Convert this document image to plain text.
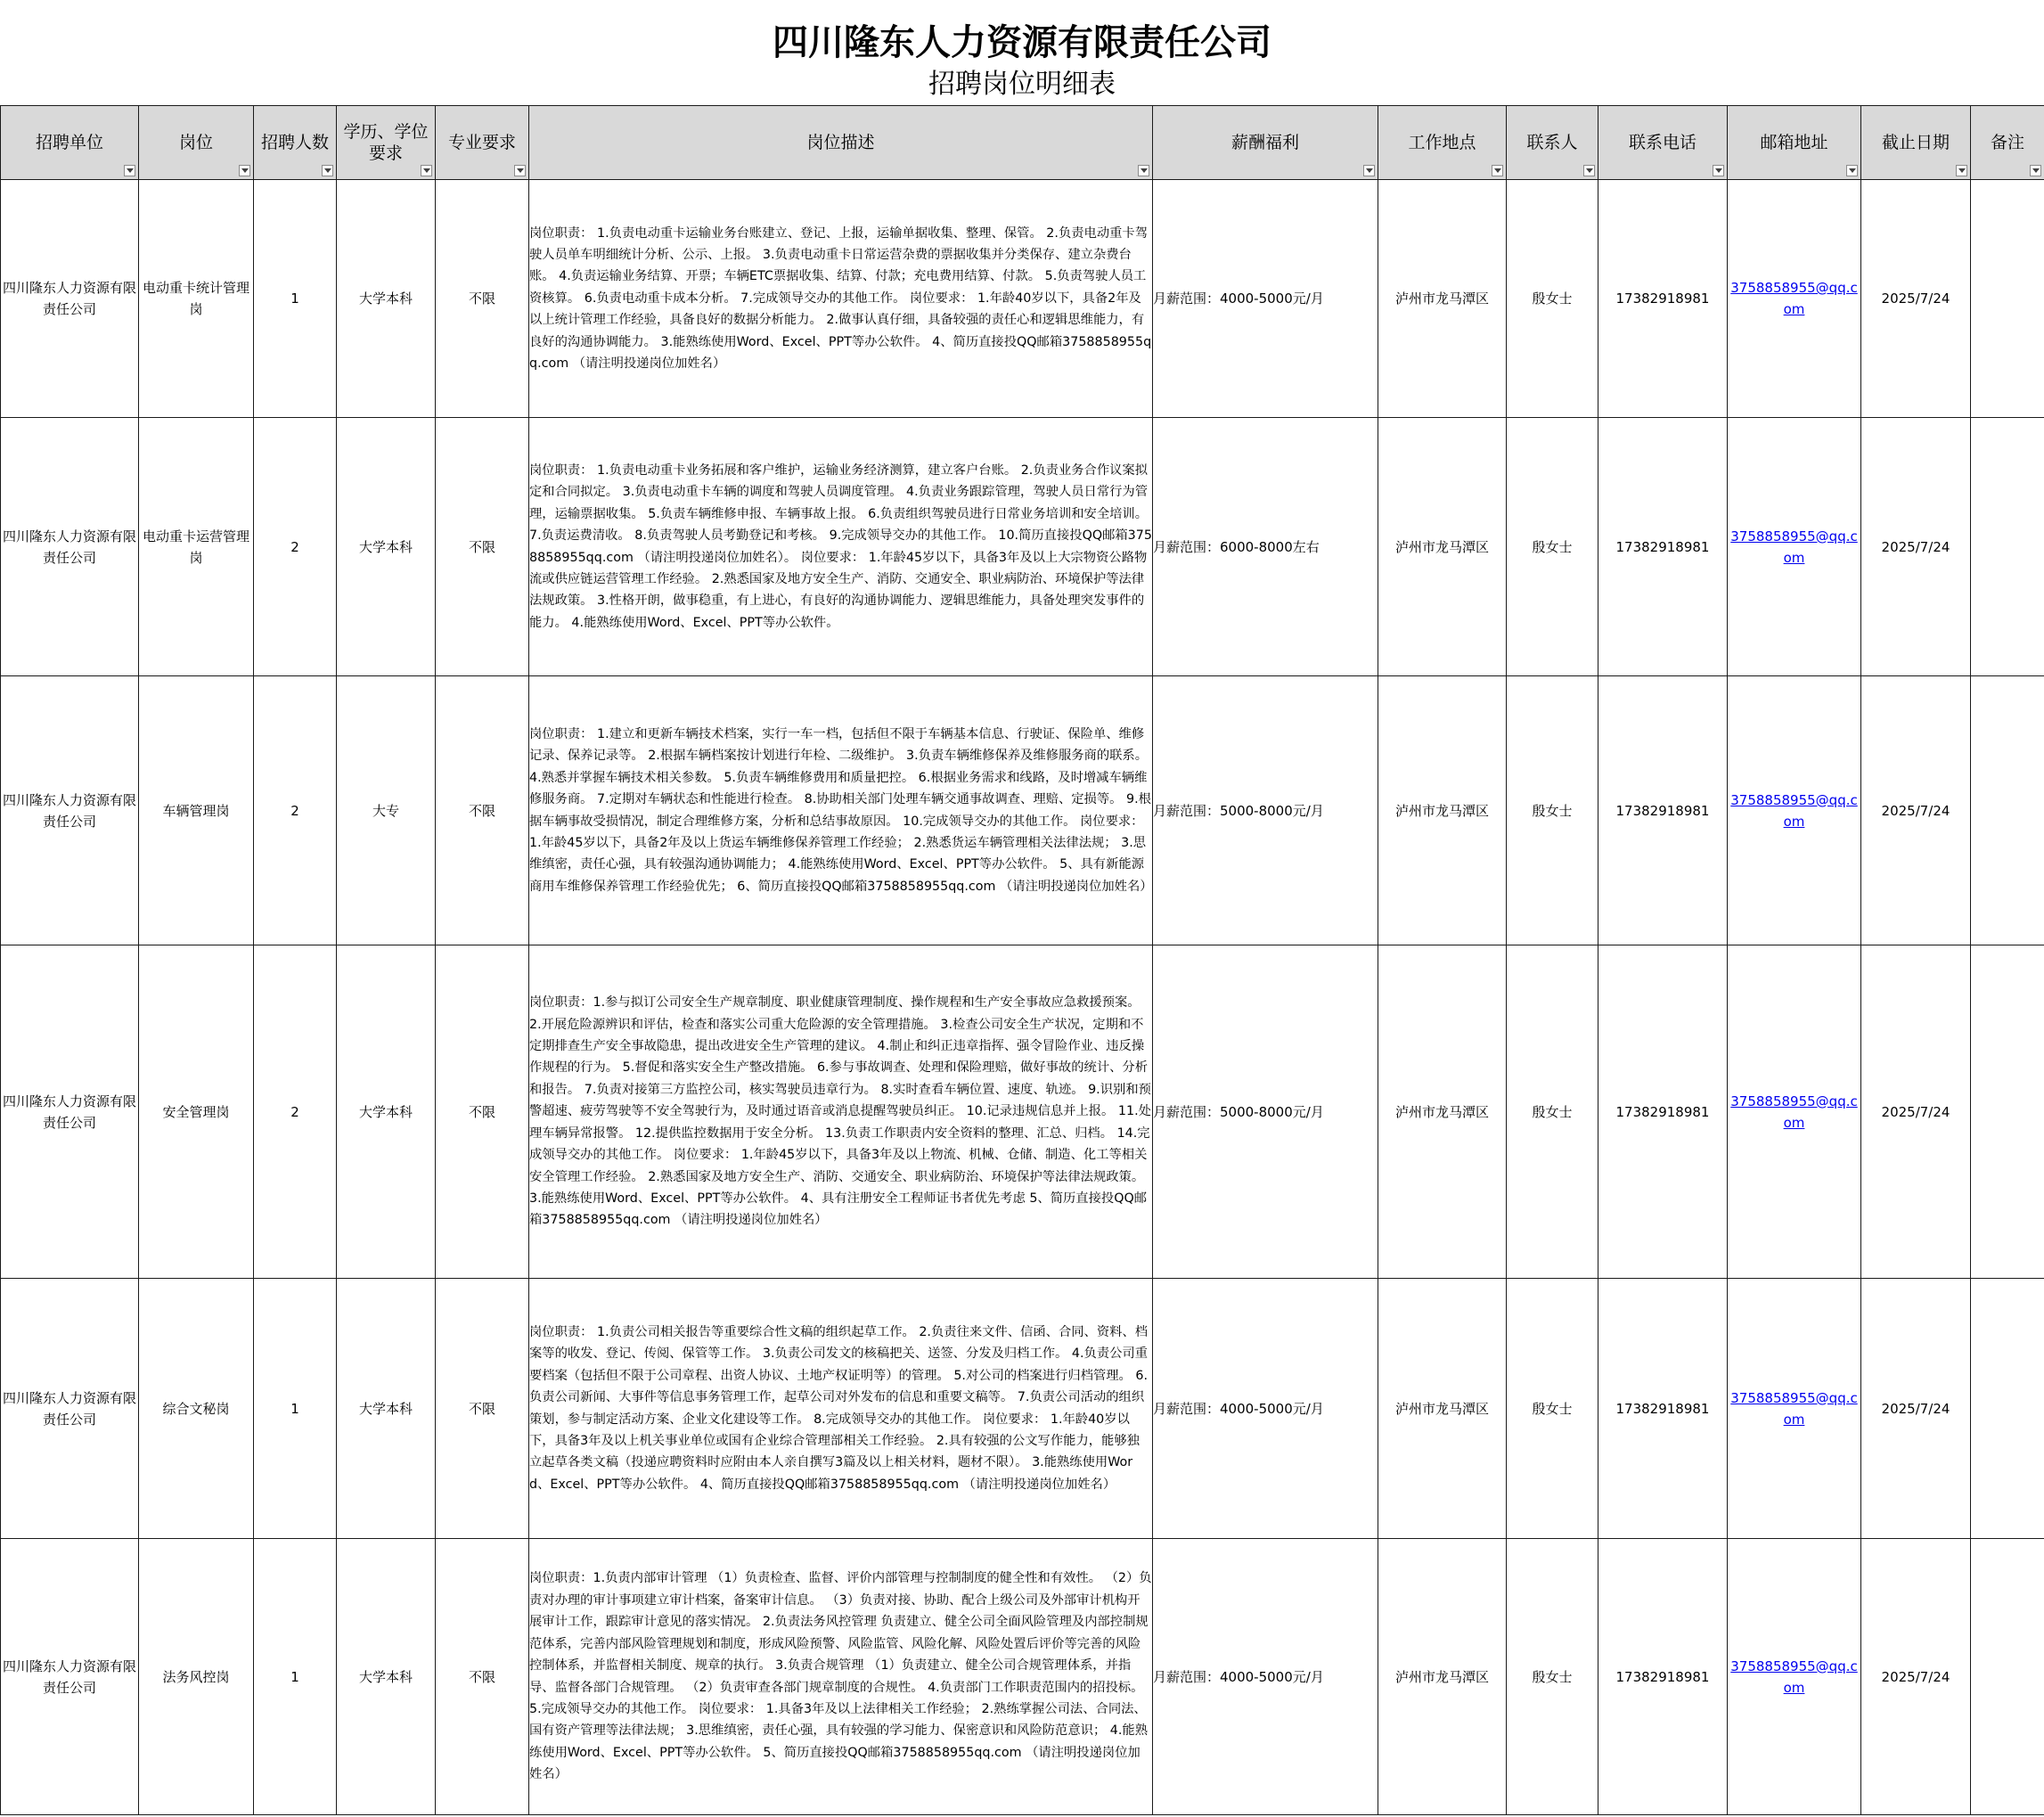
四川隆东人力资源有限责任公司
招聘岗位明细表
招聘单位	岗位	招聘人数	学历、学位要求	专业要求	岗位描述	薪酬福利	工作地点	联系人	联系电话	邮箱地址	截止日期	备注

四川隆东人力资源有限责任公司	电动重卡统计管理岗	1	大学本科	不限	岗位职责： 1.负责电动重卡运输业务台账建立、登记、上报，运输单据收集、整理、保管。 2.负责电动重卡驾驶人员单车明细统计分析、公示、上报。 3.负责电动重卡日常运营杂费的票据收集并分类保存、建立杂费台账。 4.负责运输业务结算、开票；车辆ETC票据收集、结算、付款；充电费用结算、付款。 5.负责驾驶人员工资核算。 6.负责电动重卡成本分析。 7.完成领导交办的其他工作。 岗位要求： 1.年龄40岁以下，具备2年及以上统计管理工作经验，具备良好的数据分析能力。 2.做事认真仔细，具备较强的责任心和逻辑思维能力，有良好的沟通协调能力。 3.能熟练使用Word、Excel、PPT等办公软件。 4、简历直接投QQ邮箱3758858955qq.com （请注明投递岗位加姓名）	月薪范围：4000-5000元/月	泸州市龙马潭区	殷女士	17382918981	3758858955@qq.com	2025/7/24	
四川隆东人力资源有限责任公司	电动重卡运营管理岗	2	大学本科	不限	岗位职责： 1.负责电动重卡业务拓展和客户维护，运输业务经济测算，建立客户台账。 2.负责业务合作议案拟定和合同拟定。 3.负责电动重卡车辆的调度和驾驶人员调度管理。 4.负责业务跟踪管理，驾驶人员日常行为管理，运输票据收集。 5.负责车辆维修申报、车辆事故上报。 6.负责组织驾驶员进行日常业务培训和安全培训。 7.负责运费清收。 8.负责驾驶人员考勤登记和考核。 9.完成领导交办的其他工作。 10.简历直接投QQ邮箱3758858955qq.com （请注明投递岗位加姓名）。 岗位要求： 1.年龄45岁以下，具备3年及以上大宗物资公路物流或供应链运营管理工作经验。 2.熟悉国家及地方安全生产、消防、交通安全、职业病防治、环境保护等法律法规政策。 3.性格开朗，做事稳重，有上进心，有良好的沟通协调能力、逻辑思维能力，具备处理突发事件的能力。 4.能熟练使用Word、Excel、PPT等办公软件。	月薪范围：6000-8000左右	泸州市龙马潭区	殷女士	17382918981	3758858955@qq.com	2025/7/24	
四川隆东人力资源有限责任公司	车辆管理岗	2	大专	不限	岗位职责： 1.建立和更新车辆技术档案，实行一车一档，包括但不限于车辆基本信息、行驶证、保险单、维修记录、保养记录等。 2.根据车辆档案按计划进行年检、二级维护。 3.负责车辆维修保养及维修服务商的联系。 4.熟悉并掌握车辆技术相关参数。 5.负责车辆维修费用和质量把控。 6.根据业务需求和线路，及时增减车辆维修服务商。 7.定期对车辆状态和性能进行检查。 8.协助相关部门处理车辆交通事故调查、理赔、定损等。 9.根据车辆事故受损情况，制定合理维修方案，分析和总结事故原因。 10.完成领导交办的其他工作。 岗位要求： 1.年龄45岁以下，具备2年及以上货运车辆维修保养管理工作经验； 2.熟悉货运车辆管理相关法律法规； 3.思维缜密，责任心强，具有较强沟通协调能力； 4.能熟练使用Word、Excel、PPT等办公软件。 5、具有新能源商用车维修保养管理工作经验优先； 6、简历直接投QQ邮箱3758858955qq.com （请注明投递岗位加姓名）	月薪范围：5000-8000元/月	泸州市龙马潭区	殷女士	17382918981	3758858955@qq.com	2025/7/24	
四川隆东人力资源有限责任公司	安全管理岗	2	大学本科	不限	岗位职责：1.参与拟订公司安全生产规章制度、职业健康管理制度、操作规程和生产安全事故应急救援预案。 2.开展危险源辨识和评估，检查和落实公司重大危险源的安全管理措施。 3.检查公司安全生产状况，定期和不定期排查生产安全事故隐患，提出改进安全生产管理的建议。 4.制止和纠正违章指挥、强令冒险作业、违反操作规程的行为。 5.督促和落实安全生产整改措施。 6.参与事故调查、处理和保险理赔，做好事故的统计、分析和报告。 7.负责对接第三方监控公司，核实驾驶员违章行为。 8.实时查看车辆位置、速度、轨迹。 9.识别和预警超速、疲劳驾驶等不安全驾驶行为，及时通过语音或消息提醒驾驶员纠正。 10.记录违规信息并上报。 11.处理车辆异常报警。 12.提供监控数据用于安全分析。 13.负责工作职责内安全资料的整理、汇总、归档。 14.完成领导交办的其他工作。 岗位要求： 1.年龄45岁以下，具备3年及以上物流、机械、仓储、制造、化工等相关安全管理工作经验。 2.熟悉国家及地方安全生产、消防、交通安全、职业病防治、环境保护等法律法规政策。 3.能熟练使用Word、Excel、PPT等办公软件。 4、具有注册安全工程师证书者优先考虑 5、简历直接投QQ邮箱3758858955qq.com （请注明投递岗位加姓名）	月薪范围：5000-8000元/月	泸州市龙马潭区	殷女士	17382918981	3758858955@qq.com	2025/7/24	
四川隆东人力资源有限责任公司	综合文秘岗	1	大学本科	不限	岗位职责： 1.负责公司相关报告等重要综合性文稿的组织起草工作。 2.负责往来文件、信函、合同、资料、档案等的收发、登记、传阅、保管等工作。 3.负责公司发文的核稿把关、送签、分发及归档工作。 4.负责公司重要档案（包括但不限于公司章程、出资人协议、土地产权证明等）的管理。 5.对公司的档案进行归档管理。 6.负责公司新闻、大事件等信息事务管理工作，起草公司对外发布的信息和重要文稿等。 7.负责公司活动的组织策划，参与制定活动方案、企业文化建设等工作。 8.完成领导交办的其他工作。 岗位要求： 1.年龄40岁以下，具备3年及以上机关事业单位或国有企业综合管理部相关工作经验。 2.具有较强的公文写作能力，能够独立起草各类文稿（投递应聘资料时应附由本人亲自撰写3篇及以上相关材料，题材不限）。 3.能熟练使用Word、Excel、PPT等办公软件。 4、简历直接投QQ邮箱3758858955qq.com （请注明投递岗位加姓名）	月薪范围：4000-5000元/月	泸州市龙马潭区	殷女士	17382918981	3758858955@qq.com	2025/7/24	
四川隆东人力资源有限责任公司	法务风控岗	1	大学本科	不限	岗位职责：1.负责内部审计管理 （1）负责检查、监督、评价内部管理与控制制度的健全性和有效性。 （2）负责对办理的审计事项建立审计档案，备案审计信息。 （3）负责对接、协助、配合上级公司及外部审计机构开展审计工作，跟踪审计意见的落实情况。 2.负责法务风控管理 负责建立、健全公司全面风险管理及内部控制规范体系，完善内部风险管理规划和制度，形成风险预警、风险监管、风险化解、风险处置后评价等完善的风险控制体系，并监督相关制度、规章的执行。 3.负责合规管理 （1）负责建立、健全公司合规管理体系，并指导、监督各部门合规管理。 （2）负责审查各部门规章制度的合规性。 4.负责部门工作职责范围内的招投标。 5.完成领导交办的其他工作。 岗位要求： 1.具备3年及以上法律相关工作经验； 2.熟练掌握公司法、合同法、国有资产管理等法律法规； 3.思维缜密，责任心强，具有较强的学习能力、保密意识和风险防范意识； 4.能熟练使用Word、Excel、PPT等办公软件。 5、简历直接投QQ邮箱3758858955qq.com （请注明投递岗位加姓名）	月薪范围：4000-5000元/月	泸州市龙马潭区	殷女士	17382918981	3758858955@qq.com	2025/7/24	
